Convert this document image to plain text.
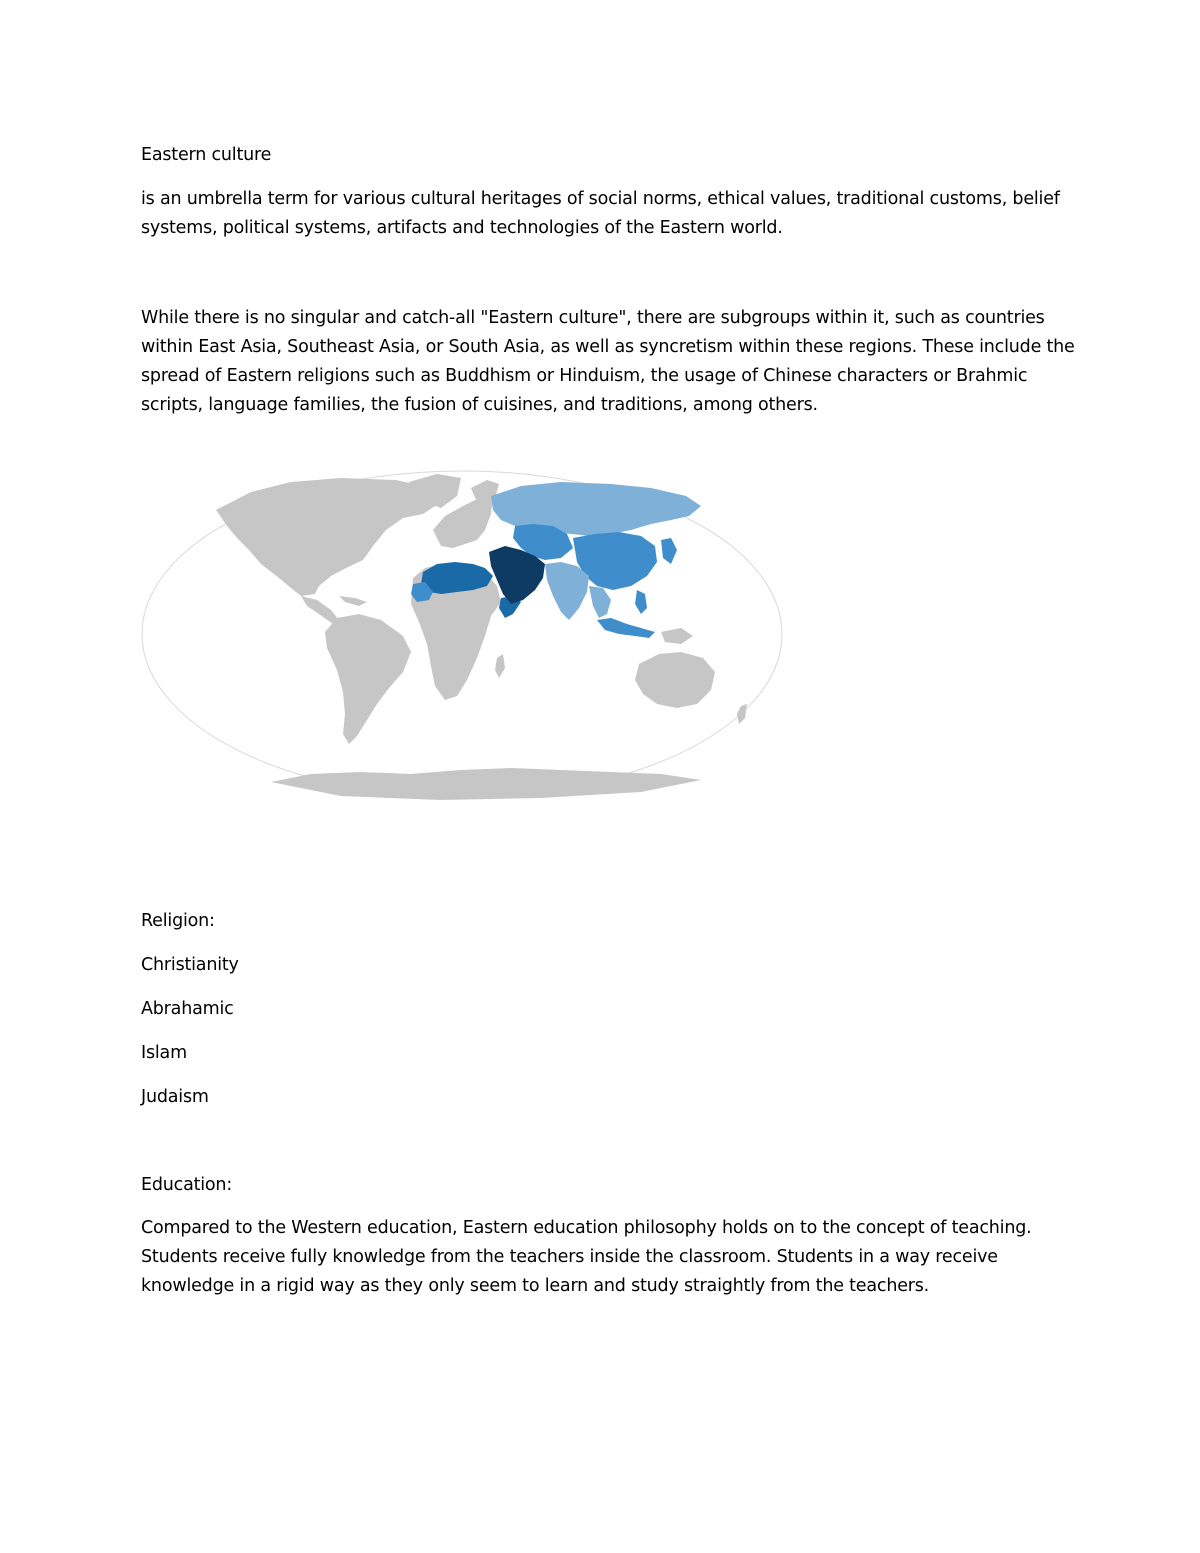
Eastern culture

is an umbrella term for various cultural heritages of social norms, ethical values, traditional customs, belief systems, political systems, artifacts and technologies of the Eastern world.

While there is no singular and catch-all "Eastern culture", there are subgroups within it, such as countries within East Asia, Southeast Asia, or South Asia, as well as syncretism within these regions. These include the spread of Eastern religions such as Buddhism or Hinduism, the usage of Chinese characters or Brahmic scripts, language families, the fusion of cuisines, and traditions, among others.

Religion:

Christianity

Abrahamic

Islam

Judaism

Education:

Compared to the Western education, Eastern education philosophy holds on to the concept of teaching. Students receive fully knowledge from the teachers inside the classroom. Students in a way receive knowledge in a rigid way as they only seem to learn and study straightly from the teachers.
